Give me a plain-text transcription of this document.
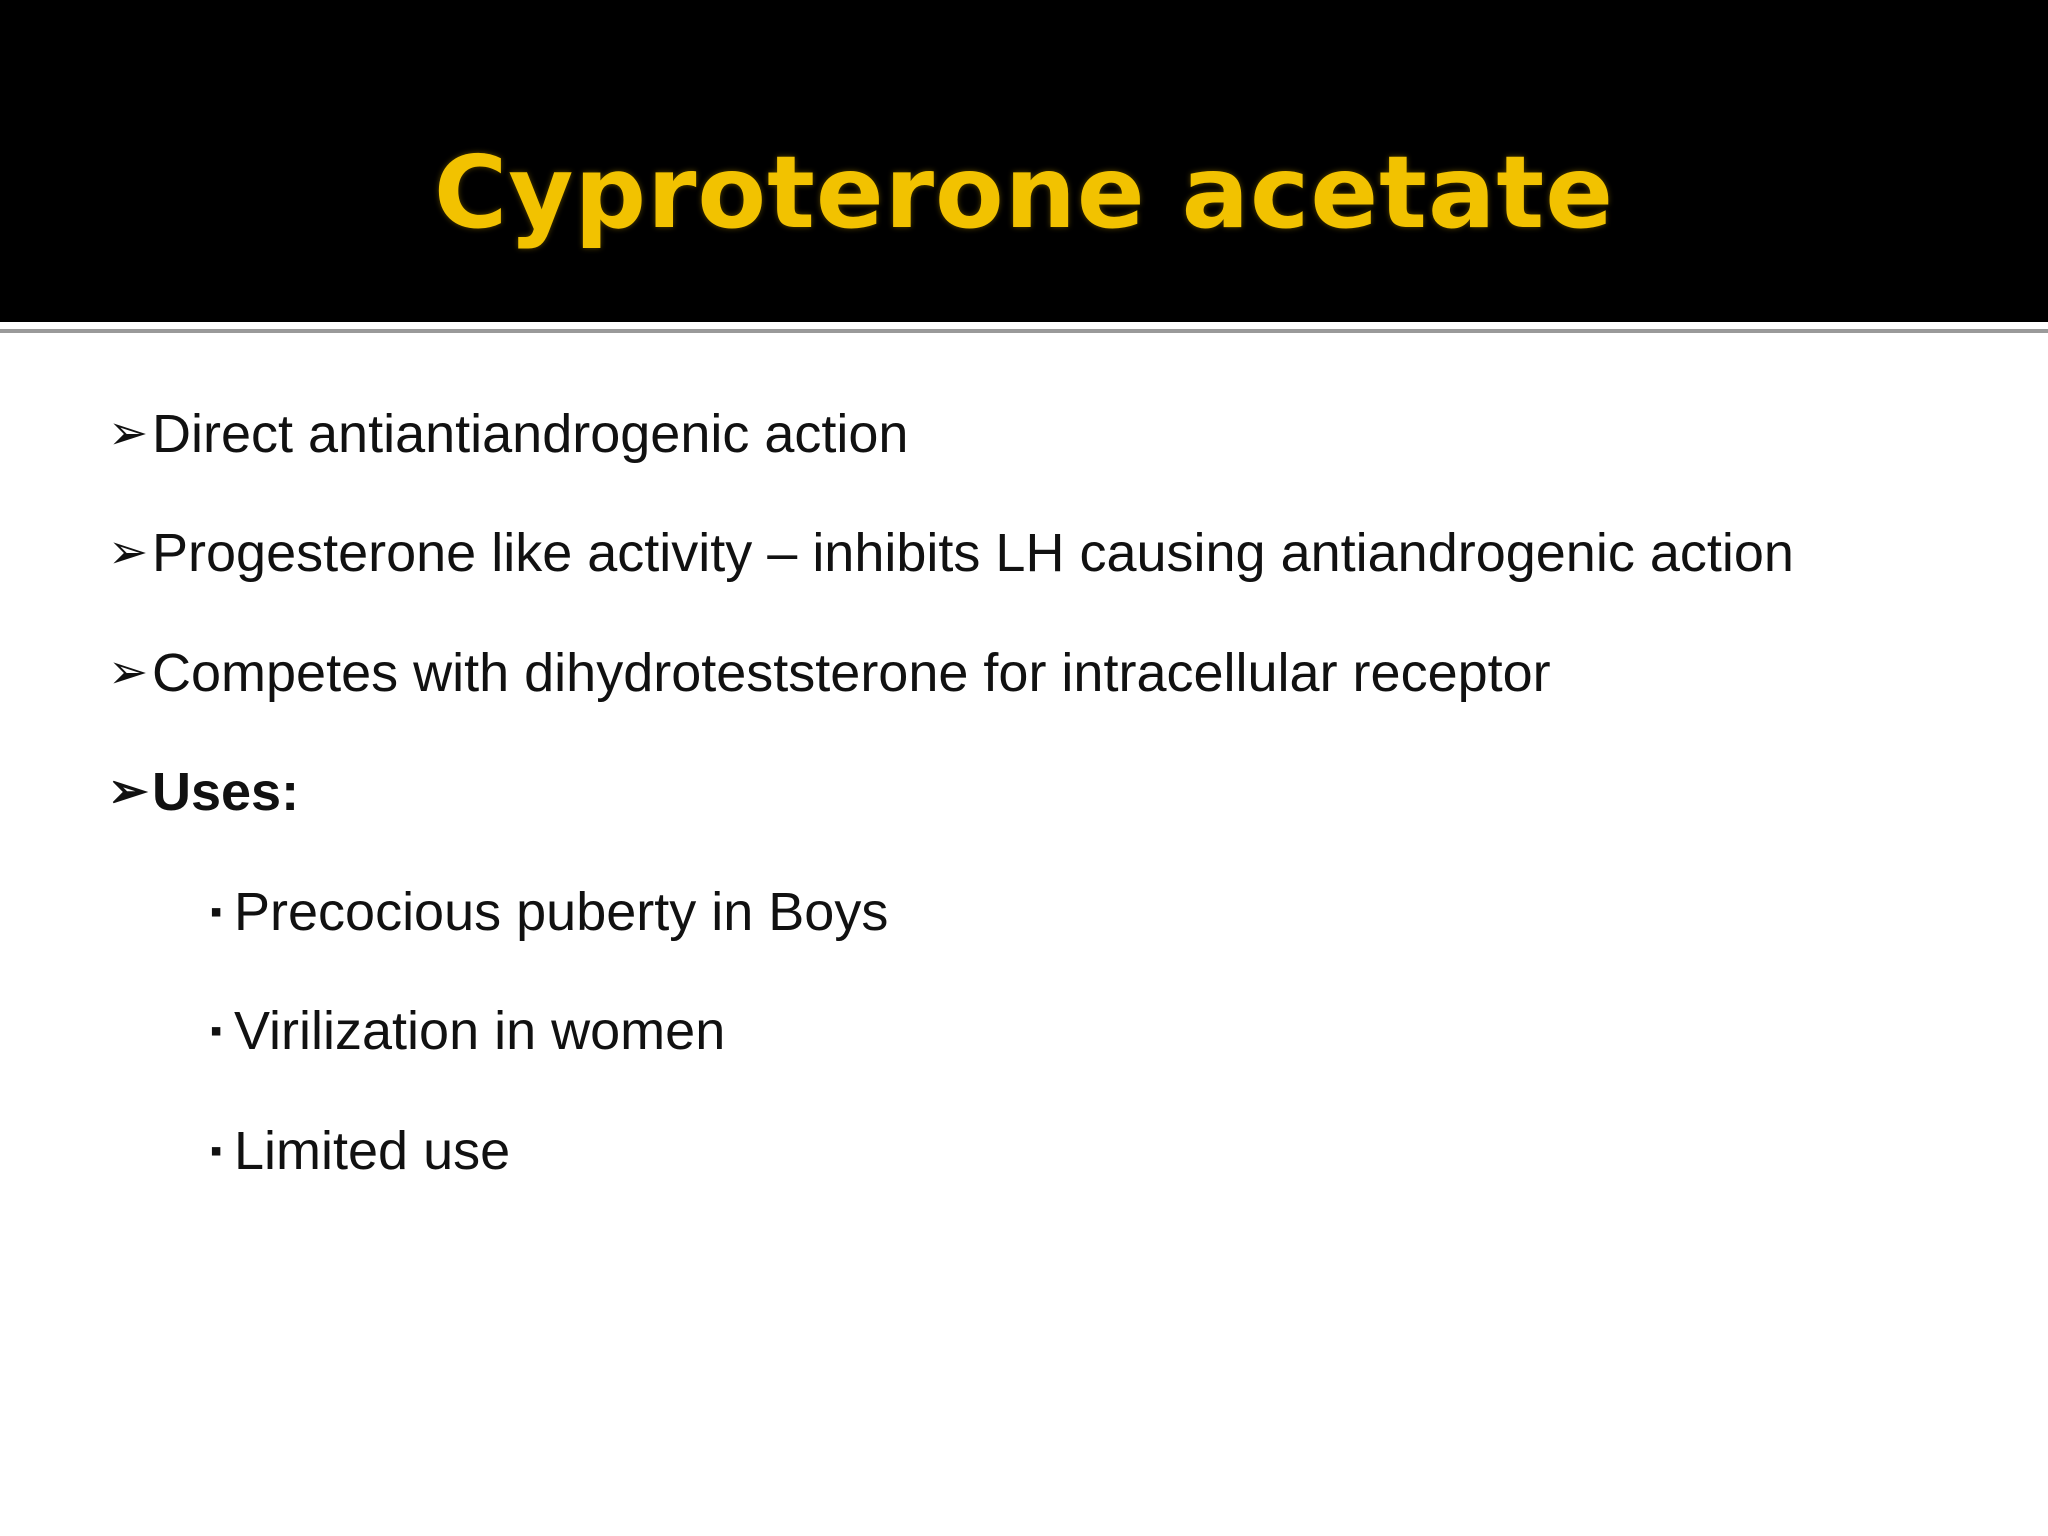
Cyproterone acetate
➢ Direct antiantiandrogenic action
➢ Progesterone like activity – inhibits LH causing antiandrogenic action
➢ Competes with dihydroteststerone for intracellular receptor
➢ Uses:
▪ Precocious puberty in Boys
▪ Virilization in women
▪ Limited use
